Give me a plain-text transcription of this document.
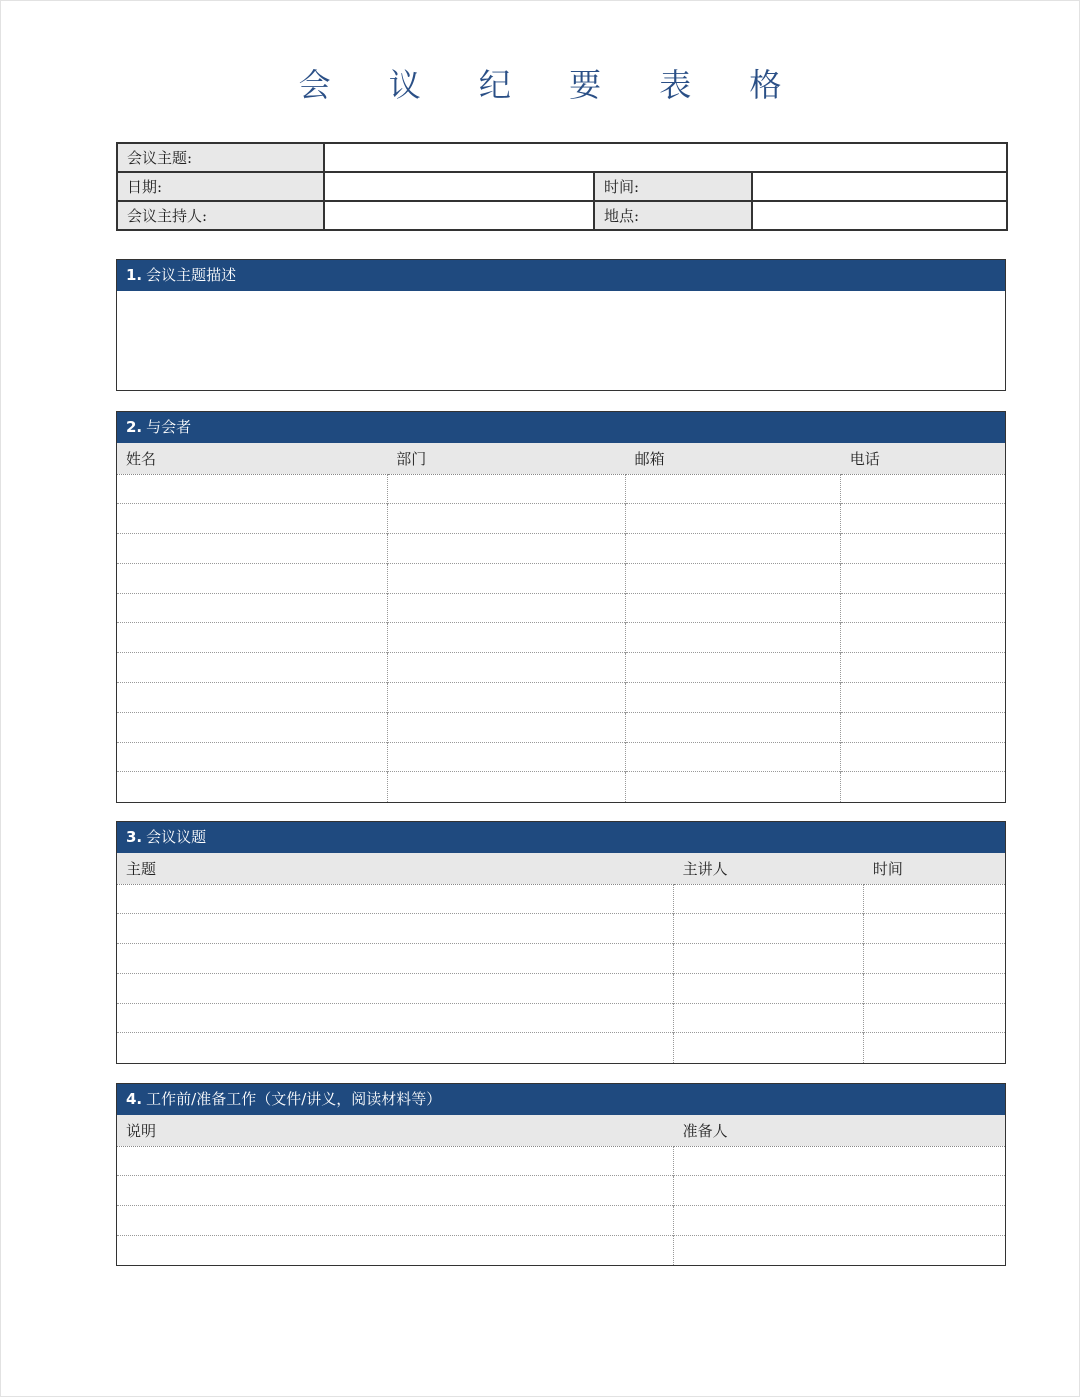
会 议 纪 要 表 格
会议主题:			
日期:		时间:	
会议主持人:		地点:	
1. 会议主题描述
2. 与会者
姓名	部门	邮箱	电话

3. 会议议题
主题	主讲人	时间

4. 工作前/准备工作（文件/讲义，阅读材料等）
说明	准备人
